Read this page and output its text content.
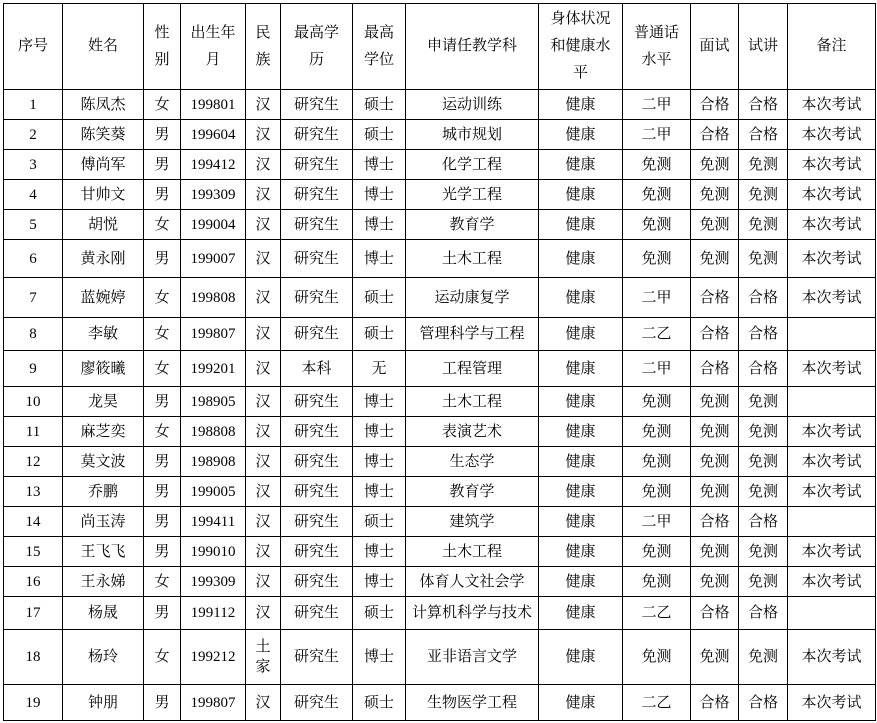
序号	姓名	性别	出生年月	民族	最高学历	最高学位	申请任教学科	身体状况和健康水平	普通话水平	面试	试讲	备注
1	陈凤杰	女	199801	汉	研究生	硕士	运动训练	健康	二甲	合格	合格	本次考试
2	陈笑葵	男	199604	汉	研究生	硕士	城市规划	健康	二甲	合格	合格	本次考试
3	傅尚军	男	199412	汉	研究生	博士	化学工程	健康	免测	免测	免测	本次考试
4	甘帅文	男	199309	汉	研究生	博士	光学工程	健康	免测	免测	免测	本次考试
5	胡悦	女	199004	汉	研究生	博士	教育学	健康	免测	免测	免测	本次考试
6	黄永刚	男	199007	汉	研究生	博士	土木工程	健康	免测	免测	免测	本次考试
7	蓝婉婷	女	199808	汉	研究生	硕士	运动康复学	健康	二甲	合格	合格	本次考试
8	李敏	女	199807	汉	研究生	硕士	管理科学与工程	健康	二乙	合格	合格	
9	廖筱曦	女	199201	汉	本科	无	工程管理	健康	二甲	合格	合格	本次考试
10	龙昊	男	198905	汉	研究生	博士	土木工程	健康	免测	免测	免测	
11	麻芝奕	女	198808	汉	研究生	博士	表演艺术	健康	免测	免测	免测	本次考试
12	莫文波	男	198908	汉	研究生	博士	生态学	健康	免测	免测	免测	本次考试
13	乔鹏	男	199005	汉	研究生	博士	教育学	健康	免测	免测	免测	本次考试
14	尚玉涛	男	199411	汉	研究生	硕士	建筑学	健康	二甲	合格	合格	
15	王飞飞	男	199010	汉	研究生	博士	土木工程	健康	免测	免测	免测	本次考试
16	王永娣	女	199309	汉	研究生	博士	体育人文社会学	健康	免测	免测	免测	本次考试
17	杨晟	男	199112	汉	研究生	硕士	计算机科学与技术	健康	二乙	合格	合格	
18	杨玲	女	199212	土家	研究生	博士	亚非语言文学	健康	免测	免测	免测	本次考试
19	钟朋	男	199807	汉	研究生	硕士	生物医学工程	健康	二乙	合格	合格	本次考试
